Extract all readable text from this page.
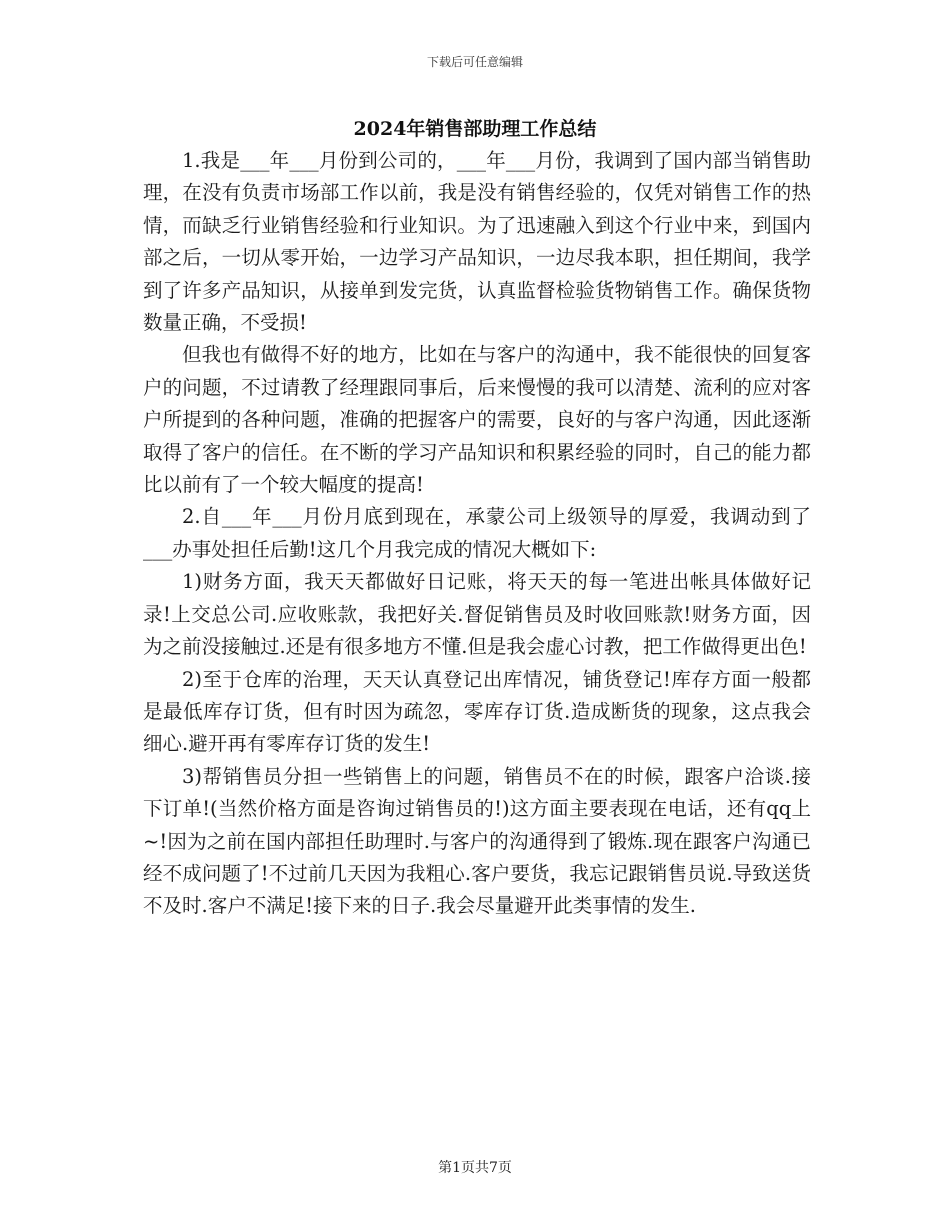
下载后可任意编辑
2024年销售部助理工作总结

1.我是___年___月份到公司的，___年___月份，我调到了国内部当销售助理，在没有负责市场部工作以前，我是没有销售经验的，仅凭对销售工作的热情，而缺乏行业销售经验和行业知识。为了迅速融入到这个行业中来，到国内部之后，一切从零开始，一边学习产品知识，一边尽我本职，担任期间，我学到了许多产品知识，从接单到发完货，认真监督检验货物销售工作。确保货物数量正确，不受损!

但我也有做得不好的地方，比如在与客户的沟通中，我不能很快的回复客户的问题，不过请教了经理跟同事后，后来慢慢的我可以清楚、流利的应对客户所提到的各种问题，准确的把握客户的需要，良好的与客户沟通，因此逐渐取得了客户的信任。在不断的学习产品知识和积累经验的同时，自己的能力都比以前有了一个较大幅度的提高!

2.自___年___月份月底到现在，承蒙公司上级领导的厚爱，我调动到了___办事处担任后勤!这几个月我完成的情况大概如下:

1)财务方面，我天天都做好日记账，将天天的每一笔进出帐具体做好记录!上交总公司.应收账款，我把好关.督促销售员及时收回账款!财务方面，因为之前没接触过.还是有很多地方不懂.但是我会虚心讨教，把工作做得更出色!

2)至于仓库的治理，天天认真登记出库情况，铺货登记!库存方面一般都是最低库存订货，但有时因为疏忽，零库存订货.造成断货的现象，这点我会细心.避开再有零库存订货的发生!

3)帮销售员分担一些销售上的问题，销售员不在的时候，跟客户洽谈.接下订单!(当然价格方面是咨询过销售员的!)这方面主要表现在电话，还有qq上~!因为之前在国内部担任助理时.与客户的沟通得到了锻炼.现在跟客户沟通已经不成问题了!不过前几天因为我粗心.客户要货，我忘记跟销售员说.导致送货不及时.客户不满足!接下来的日子.我会尽量避开此类事情的发生.

第1页共7页
